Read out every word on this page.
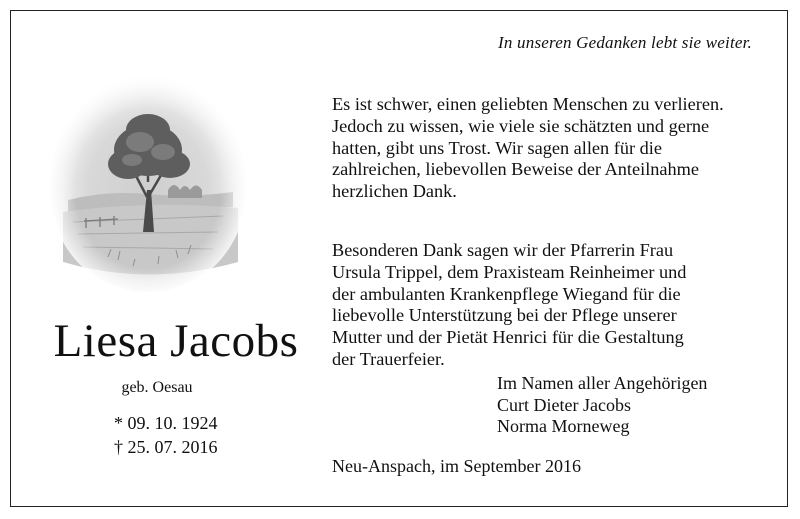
In unseren Gedanken lebt sie weiter.
Liesa Jacobs
geb. Oesau
* 09. 10. 1924
† 25. 07. 2016
Es ist schwer, einen geliebten Menschen zu verlieren.
Jedoch zu wissen, wie viele sie schätzten und gerne
hatten, gibt uns Trost. Wir sagen allen für die
zahlreichen, liebevollen Beweise der Anteilnahme
herzlichen Dank.
Besonderen Dank sagen wir der Pfarrerin Frau
Ursula Trippel, dem Praxisteam Reinheimer und
der ambulanten Krankenpflege Wiegand für die
liebevolle Unterstützung bei der Pflege unserer
Mutter und der Pietät Henrici für die Gestaltung
der Trauerfeier.
Im Namen aller Angehörigen
Curt Dieter Jacobs
Norma Morneweg
Neu-Anspach, im September 2016
